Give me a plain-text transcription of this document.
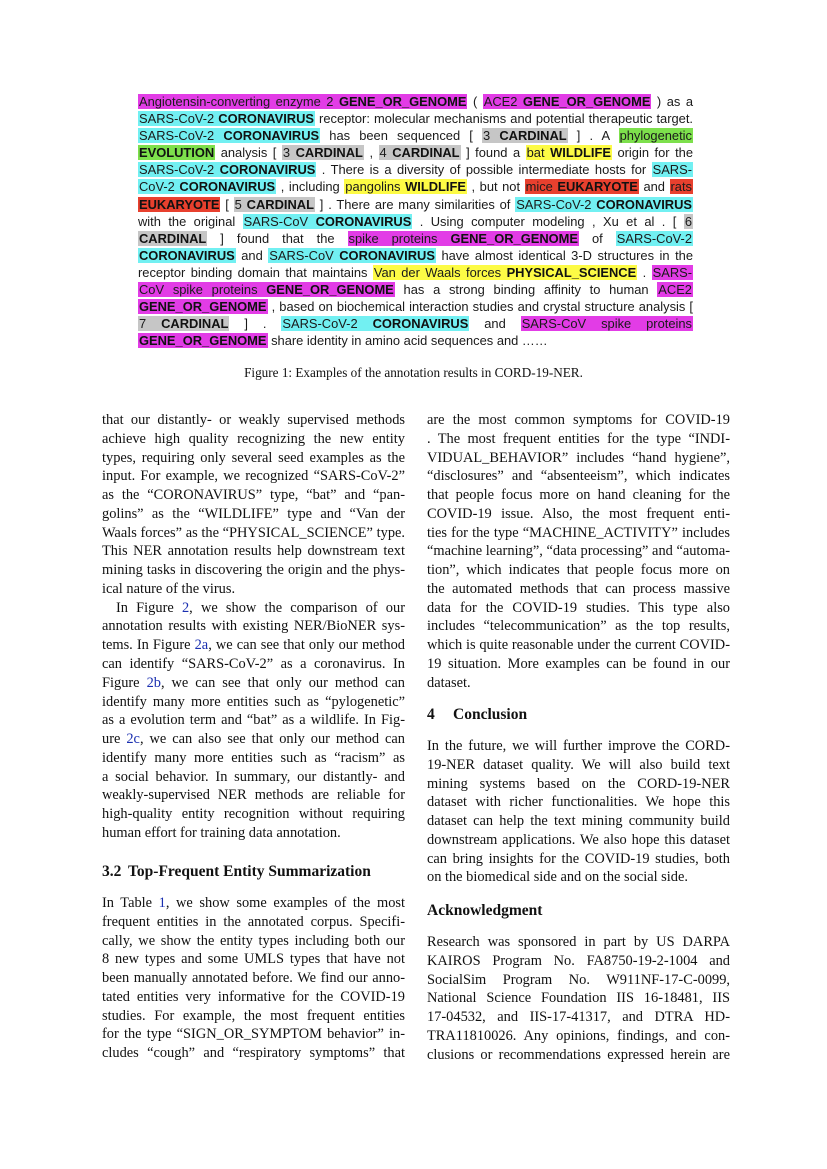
Angiotensin-converting enzyme 2 GENE_OR_GENOME ( ACE2 GENE_OR_GENOME ) as a
SARS-CoV-2 CORONAVIRUS receptor: molecular mechanisms and potential therapeutic target.
SARS-CoV-2 CORONAVIRUS has been sequenced [ 3 CARDINAL ] . A phylogenetic
EVOLUTION analysis [ 3 CARDINAL , 4 CARDINAL ] found a bat WILDLIFE origin for the
SARS-CoV-2 CORONAVIRUS . There is a diversity of possible intermediate hosts for SARS-
CoV-2 CORONAVIRUS , including pangolins WILDLIFE , but not mice EUKARYOTE and rats
EUKARYOTE [ 5 CARDINAL ] . There are many similarities of SARS-CoV-2 CORONAVIRUS
with the original SARS-CoV CORONAVIRUS . Using computer modeling , Xu et al . [ 6
CARDINAL ] found that the spike proteins GENE_OR_GENOME of SARS-CoV-2
CORONAVIRUS and SARS-CoV CORONAVIRUS have almost identical 3-D structures in the
receptor binding domain that maintains Van der Waals forces PHYSICAL_SCIENCE . SARS-
CoV spike proteins GENE_OR_GENOME has a strong binding affinity to human ACE2
GENE_OR_GENOME , based on biochemical interaction studies and crystal structure analysis [
7 CARDINAL ] . SARS-CoV-2 CORONAVIRUS and SARS-CoV spike proteins
GENE_OR_GENOME share identity in amino acid sequences and ……
Figure 1: Examples of the annotation results in CORD-19-NER.
that our distantly- or weakly supervised methods
achieve high quality recognizing the new entity
types, requiring only several seed examples as the
input. For example, we recognized “SARS-CoV-2”
as the “CORONAVIRUS” type, “bat” and “pan-
golins” as the “WILDLIFE” type and “Van der
Waals forces” as the “PHYSICAL_SCIENCE” type.
This NER annotation results help downstream text
mining tasks in discovering the origin and the phys-
ical nature of the virus.
In Figure 2, we show the comparison of our
annotation results with existing NER/BioNER sys-
tems. In Figure 2a, we can see that only our method
can identify “SARS-CoV-2” as a coronavirus. In
Figure 2b, we can see that only our method can
identify many more entities such as “pylogenetic”
as a evolution term and “bat” as a wildlife. In Fig-
ure 2c, we can also see that only our method can
identify many more entities such as “racism” as
a social behavior. In summary, our distantly- and
weakly-supervised NER methods are reliable for
high-quality entity recognition without requiring
human effort for training data annotation.
3.2 Top-Frequent Entity Summarization
In Table 1, we show some examples of the most
frequent entities in the annotated corpus. Specifi-
cally, we show the entity types including both our
8 new types and some UMLS types that have not
been manually annotated before. We find our anno-
tated entities very informative for the COVID-19
studies. For example, the most frequent entities
for the type “SIGN_OR_SYMPTOM behavior” in-
cludes “cough” and “respiratory symptoms” that
are the most common symptoms for COVID-19
. The most frequent entities for the type “INDI-
VIDUAL_BEHAVIOR” includes “hand hygiene”,
“disclosures” and “absenteeism”, which indicates
that people focus more on hand cleaning for the
COVID-19 issue. Also, the most frequent enti-
ties for the type “MACHINE_ACTIVITY” includes
“machine learning”, “data processing” and “automa-
tion”, which indicates that people focus more on
the automated methods that can process massive
data for the COVID-19 studies. This type also
includes “telecommunication” as the top results,
which is quite reasonable under the current COVID-
19 situation. More examples can be found in our
dataset.
4 Conclusion
In the future, we will further improve the CORD-
19-NER dataset quality. We will also build text
mining systems based on the CORD-19-NER
dataset with richer functionalities. We hope this
dataset can help the text mining community build
downstream applications. We also hope this dataset
can bring insights for the COVID-19 studies, both
on the biomedical side and on the social side.
Acknowledgment
Research was sponsored in part by US DARPA
KAIROS Program No. FA8750-19-2-1004 and
SocialSim Program No. W911NF-17-C-0099,
National Science Foundation IIS 16-18481, IIS
17-04532, and IIS-17-41317, and DTRA HD-
TRA11810026. Any opinions, findings, and con-
clusions or recommendations expressed herein are
